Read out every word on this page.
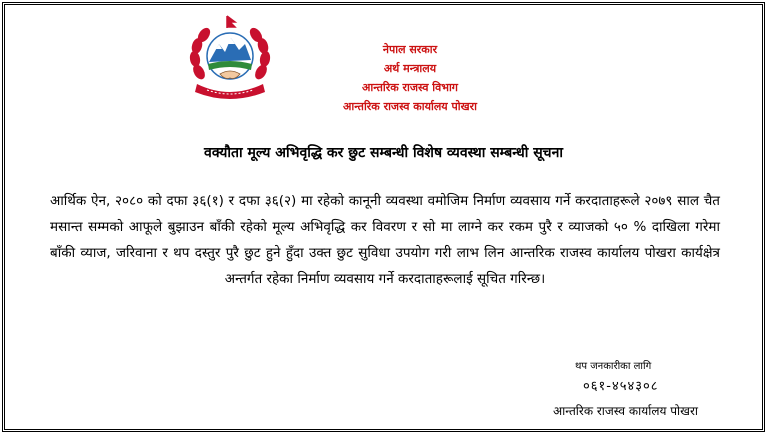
नेपाल सरकार
अर्थ मन्त्रालय
आन्तरिक राजस्व विभाग
आन्तरिक राजस्व कार्यालय पोखरा
वक्यौता मूल्य अभिवृद्धि कर छुट सम्बन्धी विशेष व्यवस्था सम्बन्धी सूचना

आर्थिक ऐन, २०८० को दफा ३६(१) र दफा ३६(२) मा रहेको कानूनी व्यवस्था वमोजिम निर्माण व्यवसाय गर्ने करदाताहरूले २०७९ साल चैत मसान्त सम्मको आफूले बुझाउन बाँकी रहेको मूल्य अभिवृद्धि कर विवरण र सो मा लाग्ने कर रकम पुरै र व्याजको ५० % दाखिला गरेमा बाँकी व्याज, जरिवाना र थप दस्तुर पुरै छुट हुने हुँदा उक्त छुट सुविधा उपयोग गरी लाभ लिन आन्तरिक राजस्व कार्यालय पोखरा कार्यक्षेत्र अन्तर्गत रहेका निर्माण व्यवसाय गर्ने करदाताहरूलाई सूचित गरिन्छ।

थप जनकारीका लागि
०६१-४५४३०८
आन्तरिक राजस्व कार्यालय पोखरा
